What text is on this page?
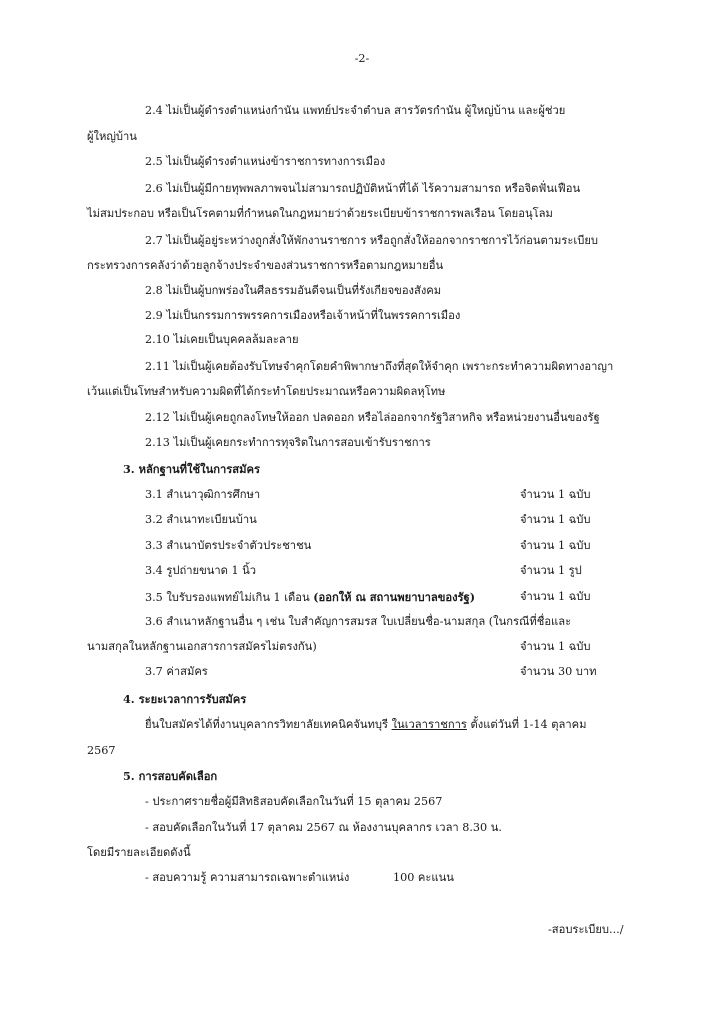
-2-
2.4 ไม่เป็นผู้ดำรงตำแหน่งกำนัน แพทย์ประจำตำบล สารวัตรกำนัน ผู้ใหญ่บ้าน และผู้ช่วย
ผู้ใหญ่บ้าน
2.5 ไม่เป็นผู้ดำรงตำแหน่งข้าราชการทางการเมือง
2.6 ไม่เป็นผู้มีกายทุพพลภาพจนไม่สามารถปฏิบัติหน้าที่ได้ ไร้ความสามารถ หรือจิตฟั่นเฟือน
ไม่สมประกอบ หรือเป็นโรคตามที่กำหนดในกฎหมายว่าด้วยระเบียบข้าราชการพลเรือน โดยอนุโลม
2.7 ไม่เป็นผู้อยู่ระหว่างถูกสั่งให้พักงานราชการ หรือถูกสั่งให้ออกจากราชการไว้ก่อนตามระเบียบ
กระทรวงการคลังว่าด้วยลูกจ้างประจำของส่วนราชการหรือตามกฎหมายอื่น
2.8 ไม่เป็นผู้บกพร่องในศีลธรรมอันดีจนเป็นที่รังเกียจของสังคม
2.9 ไม่เป็นกรรมการพรรคการเมืองหรือเจ้าหน้าที่ในพรรคการเมือง
2.10 ไม่เคยเป็นบุคคลล้มละลาย
2.11 ไม่เป็นผู้เคยต้องรับโทษจำคุกโดยคำพิพากษาถึงที่สุดให้จำคุก เพราะกระทำความผิดทางอาญา
เว้นแต่เป็นโทษสำหรับความผิดที่ได้กระทำโดยประมาณหรือความผิดลหุโทษ
2.12 ไม่เป็นผู้เคยถูกลงโทษให้ออก ปลดออก หรือไล่ออกจากรัฐวิสาหกิจ หรือหน่วยงานอื่นของรัฐ
2.13 ไม่เป็นผู้เคยกระทำการทุจริตในการสอบเข้ารับราชการ
3. หลักฐานที่ใช้ในการสมัคร
3.1 สำเนาวุฒิการศึกษา	จำนวน 1 ฉบับ
3.2 สำเนาทะเบียนบ้าน	จำนวน 1 ฉบับ
3.3 สำเนาบัตรประจำตัวประชาชน	จำนวน 1 ฉบับ
3.4 รูปถ่ายขนาด 1 นิ้ว	จำนวน 1 รูป
3.5 ใบรับรองแพทย์ไม่เกิน 1 เดือน (ออกให้ ณ สถานพยาบาลของรัฐ)	จำนวน 1 ฉบับ
3.6 สำเนาหลักฐานอื่น ๆ เช่น ใบสำคัญการสมรส ใบเปลี่ยนชื่อ-นามสกุล (ในกรณีที่ชื่อและ
นามสกุลในหลักฐานเอกสารการสมัครไม่ตรงกัน)	จำนวน 1 ฉบับ
3.7 ค่าสมัคร	จำนวน 30 บาท
4. ระยะเวลาการรับสมัคร
ยื่นใบสมัครได้ที่งานบุคลากรวิทยาลัยเทคนิคจันทบุรี ในเวลาราชการ ตั้งแต่วันที่ 1-14 ตุลาคม
2567
5. การสอบคัดเลือก
- ประกาศรายชื่อผู้มีสิทธิสอบคัดเลือกในวันที่ 15 ตุลาคม 2567
- สอบคัดเลือกในวันที่ 17 ตุลาคม 2567 ณ ห้องงานบุคลากร เวลา 8.30 น.
โดยมีรายละเอียดดังนี้
- สอบความรู้ ความสามารถเฉพาะตำแหน่ง	100 คะแนน
-สอบระเบียบ.../
